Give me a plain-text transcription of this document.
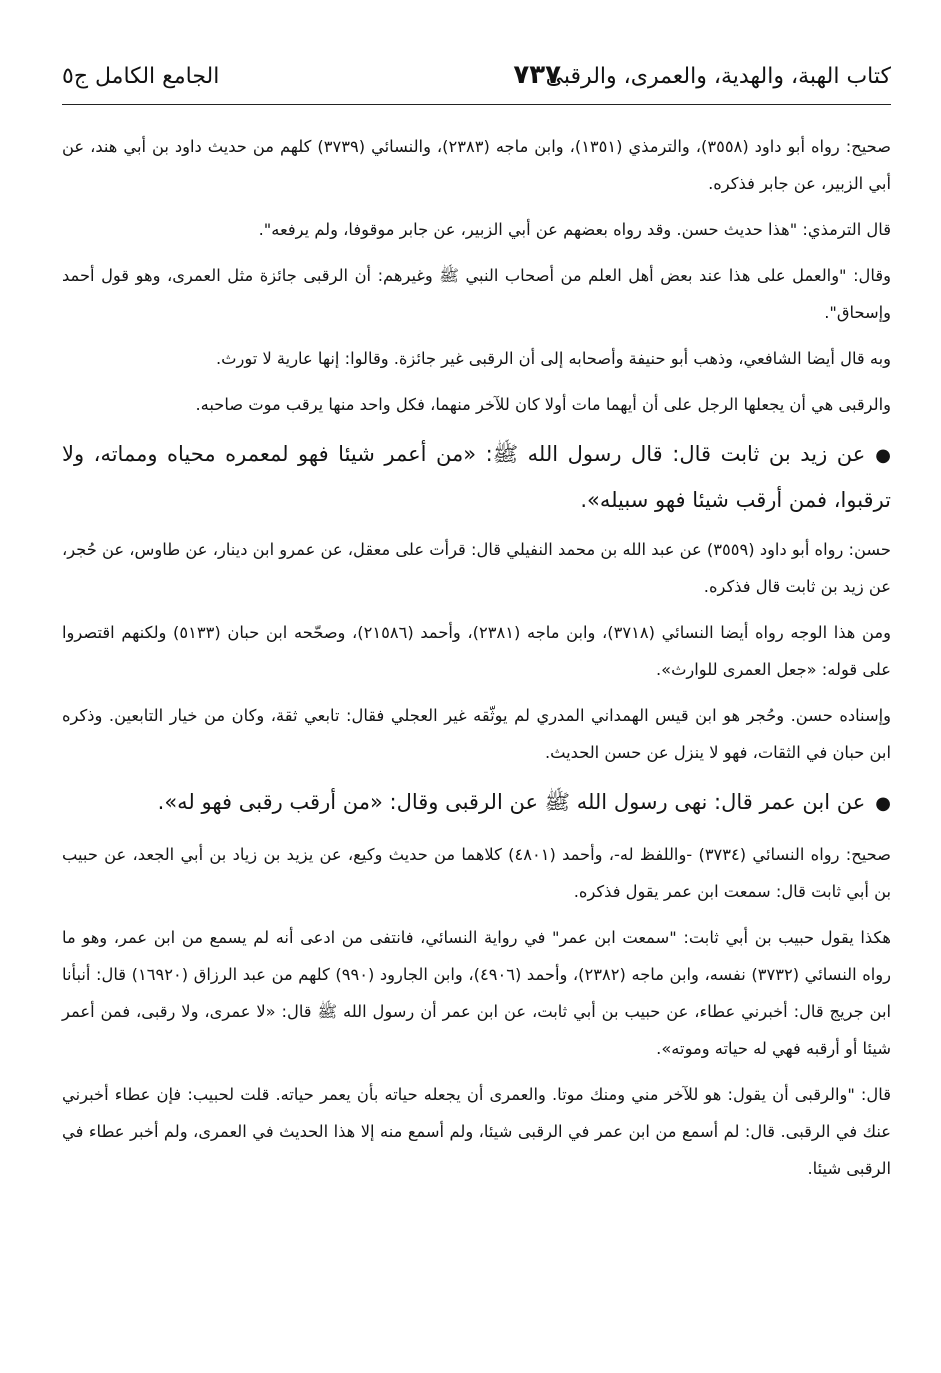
كتاب الهبة، والهدية، والعمرى، والرقبى
٧٣٧
الجامع الكامل ج٥

صحيح: رواه أبو داود (٣٥٥٨)، والترمذي (١٣٥١)، وابن ماجه (٢٣٨٣)، والنسائي (٣٧٣٩) كلهم من حديث داود بن أبي هند، عن أبي الزبير، عن جابر فذكره.

قال الترمذي: "هذا حديث حسن. وقد رواه بعضهم عن أبي الزبير، عن جابر موقوفا، ولم يرفعه".

وقال: "والعمل على هذا عند بعض أهل العلم من أصحاب النبي ﷺ وغيرهم: أن الرقبى جائزة مثل العمرى، وهو قول أحمد وإسحاق".

وبه قال أيضا الشافعي، وذهب أبو حنيفة وأصحابه إلى أن الرقبى غير جائزة. وقالوا: إنها عارية لا تورث.

والرقبى هي أن يجعلها الرجل على أن أيهما مات أولا كان للآخر منهما، فكل واحد منها يرقب موت صاحبه.

●عن زيد بن ثابت قال: قال رسول الله ﷺ: «من أعمر شيئا فهو لمعمره محياه ومماته، ولا ترقبوا، فمن أرقب شيئا فهو سبيله».

حسن: رواه أبو داود (٣٥٥٩) عن عبد الله بن محمد النفيلي قال: قرأت على معقل، عن عمرو ابن دينار، عن طاوس، عن حُجر، عن زيد بن ثابت قال فذكره.

ومن هذا الوجه رواه أيضا النسائي (٣٧١٨)، وابن ماجه (٢٣٨١)، وأحمد (٢١٥٨٦)، وصحّحه ابن حبان (٥١٣٣) ولكنهم اقتصروا على قوله: «جعل العمرى للوارث».

وإسناده حسن. وحُجر هو ابن قيس الهمداني المدري لم يوثّقه غير العجلي فقال: تابعي ثقة، وكان من خيار التابعين. وذكره ابن حبان في الثقات، فهو لا ينزل عن حسن الحديث.

●عن ابن عمر قال: نهى رسول الله ﷺ عن الرقبى وقال: «من أرقب رقبى فهو له».

صحيح: رواه النسائي (٣٧٣٤) -واللفظ له-، وأحمد (٤٨٠١) كلاهما من حديث وكيع، عن يزيد بن زياد بن أبي الجعد، عن حبيب بن أبي ثابت قال: سمعت ابن عمر يقول فذكره.

هكذا يقول حبيب بن أبي ثابت: "سمعت ابن عمر" في رواية النسائي، فانتفى من ادعى أنه لم يسمع من ابن عمر، وهو ما رواه النسائي (٣٧٣٢) نفسه، وابن ماجه (٢٣٨٢)، وأحمد (٤٩٠٦)، وابن الجارود (٩٩٠) كلهم من عبد الرزاق (١٦٩٢٠) قال: أنبأنا ابن جريج قال: أخبرني عطاء، عن حبيب بن أبي ثابت، عن ابن عمر أن رسول الله ﷺ قال: «لا عمرى، ولا رقبى، فمن أعمر شيئا أو أرقبه فهي له حياته وموته».

قال: "والرقبى أن يقول: هو للآخر مني ومنك موتا. والعمرى أن يجعله حياته بأن يعمر حياته. قلت لحبيب: فإن عطاء أخبرني عنك في الرقبى. قال: لم أسمع من ابن عمر في الرقبى شيئا، ولم أسمع منه إلا هذا الحديث في العمرى، ولم أخبر عطاء في الرقبى شيئا.
